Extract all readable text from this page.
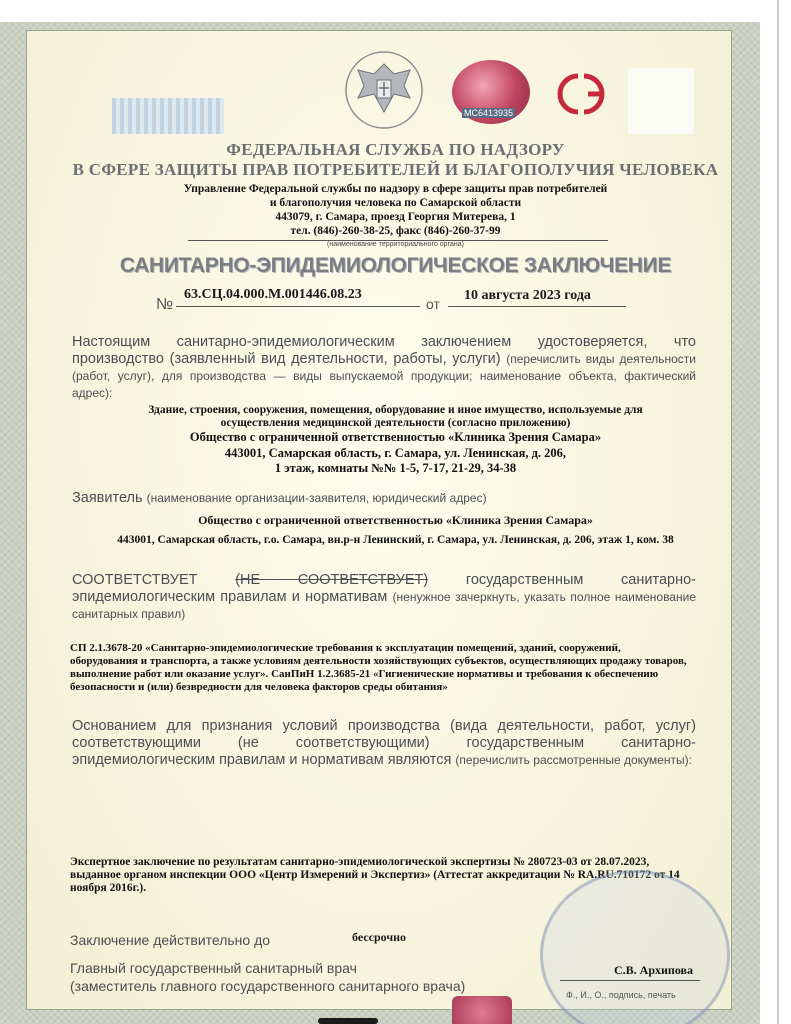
МС6413935
ФЕДЕРАЛЬНАЯ СЛУЖБА ПО НАДЗОРУ
В СФЕРЕ ЗАЩИТЫ ПРАВ ПОТРЕБИТЕЛЕЙ И БЛАГОПОЛУЧИЯ ЧЕЛОВЕКА
Управление Федеральной службы по надзору в сфере защиты прав потребителей
и благополучия человека по Самарской области
443079, г. Самара, проезд Георгия Митерева, 1
тел. (846)-260-38-25, факс (846)-260-37-99
(наименование территориального органа)
САНИТАРНО-ЭПИДЕМИОЛОГИЧЕСКОЕ ЗАКЛЮЧЕНИЕ
№
63.СЦ.04.000.М.001446.08.23
от
10 августа 2023 года
Настоящим санитарно-эпидемиологическим заключением удостоверяется, что производство (заявленный вид деятельности, работы, услуги) (перечислить виды деятельности (работ, услуг), для производства — виды выпускаемой продукции; наименование объекта, фактический адрес):
Здание, строения, сооружения, помещения, оборудование и иное имущество, используемые для
осуществления медицинской деятельности (согласно приложению)
Общество с ограниченной ответственностью «Клиника Зрения Самара»
443001, Самарская область, г. Самара, ул. Ленинская, д. 206,
1 этаж, комнаты №№ 1-5, 7-17, 21-29, 34-38
Заявитель (наименование организации-заявителя, юридический адрес)
Общество с ограниченной ответственностью «Клиника Зрения Самара»
443001, Самарская область, г.о. Самара, вн.р-н Ленинский, г. Самара, ул. Ленинская, д. 206, этаж 1, ком. 38
СООТВЕТСТВУЕТ	(НЕ СООТВЕТСТВУЕТ)	государственным санитарно-эпидемиологическим правилам и нормативам (ненужное зачеркнуть, указать полное наименование санитарных правил)
СП 2.1.3678-20 «Санитарно-эпидемиологические требования к эксплуатации помещений, зданий, сооружений, оборудования и транспорта, а также условиям деятельности хозяйствующих субъектов, осуществляющих продажу товаров, выполнение работ или оказание услуг». СанПиН 1.2.3685-21 «Гигиенические нормативы и требования к обеспечению безопасности и (или) безвредности для человека факторов среды обитания»
Основанием для признания условий производства (вида деятельности, работ, услуг) соответствующими (не соответствующими) государственным санитарно-эпидемиологическим правилам и нормативам являются (перечислить рассмотренные документы):
Экспертное заключение по результатам санитарно-эпидемиологической экспертизы № 280723-03 от 28.07.2023, выданное органом инспекции ООО «Центр Измерений и Экспертиз» (Аттестат аккредитации № RA.RU.710172 от 14 ноября 2016г.).
Заключение действительно до	бессрочно
Главный государственный санитарный врач
(заместитель главного государственного санитарного врача)
С.В. Архипова
Ф., И., О., подпись, печать
